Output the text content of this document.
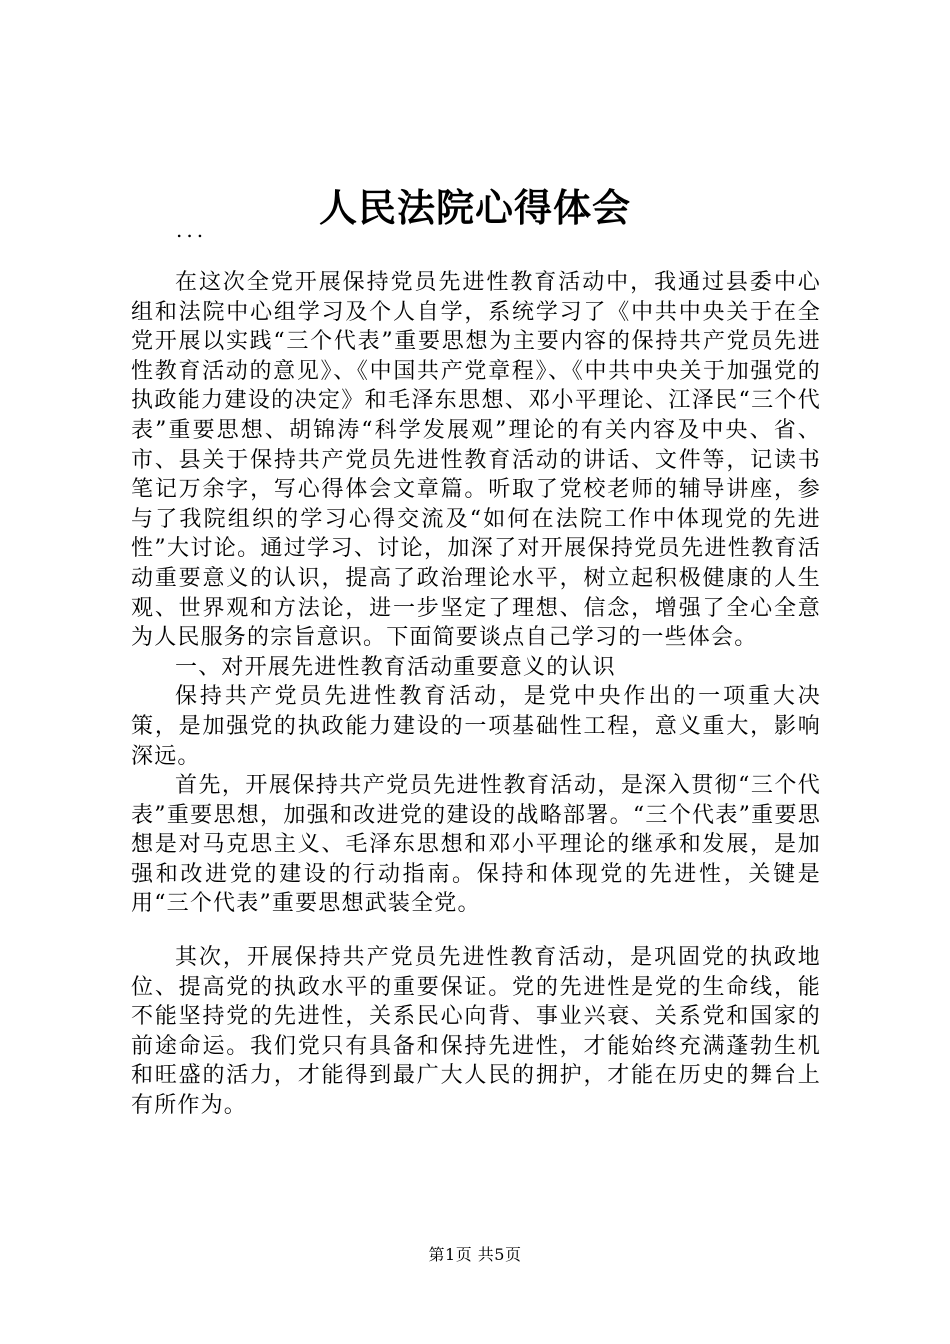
人民法院心得体会
...

在这次全党开展保持党员先进性教育活动中，我通过县委中心组和法院中心组学习及个人自学，系统学习了《中共中央关于在全党开展以实践“三个代表”重要思想为主要内容的保持共产党员先进性教育活动的意见》、《中国共产党章程》、《中共中央关于加强党的执政能力建设的决定》和毛泽东思想、邓小平理论、江泽民“三个代表”重要思想、胡锦涛“科学发展观”理论的有关内容及中央、省、市、县关于保持共产党员先进性教育活动的讲话、文件等，记读书笔记万余字，写心得体会文章篇。听取了党校老师的辅导讲座，参与了我院组织的学习心得交流及“如何在法院工作中体现党的先进性”大讨论。通过学习、讨论，加深了对开展保持党员先进性教育活动重要意义的认识，提高了政治理论水平，树立起积极健康的人生观、世界观和方法论，进一步坚定了理想、信念，增强了全心全意为人民服务的宗旨意识。下面简要谈点自己学习的一些体会。

一、对开展先进性教育活动重要意义的认识

保持共产党员先进性教育活动，是党中央作出的一项重大决策，是加强党的执政能力建设的一项基础性工程，意义重大，影响深远。

首先，开展保持共产党员先进性教育活动，是深入贯彻“三个代表”重要思想，加强和改进党的建设的战略部署。“三个代表”重要思想是对马克思主义、毛泽东思想和邓小平理论的继承和发展，是加强和改进党的建设的行动指南。保持和体现党的先进性，关键是用“三个代表”重要思想武装全党。

其次，开展保持共产党员先进性教育活动，是巩固党的执政地位、提高党的执政水平的重要保证。党的先进性是党的生命线，能不能坚持党的先进性，关系民心向背、事业兴衰、关系党和国家的前途命运。我们党只有具备和保持先进性，才能始终充满蓬勃生机和旺盛的活力，才能得到最广大人民的拥护，才能在历史的舞台上有所作为。

第1页 共5页
